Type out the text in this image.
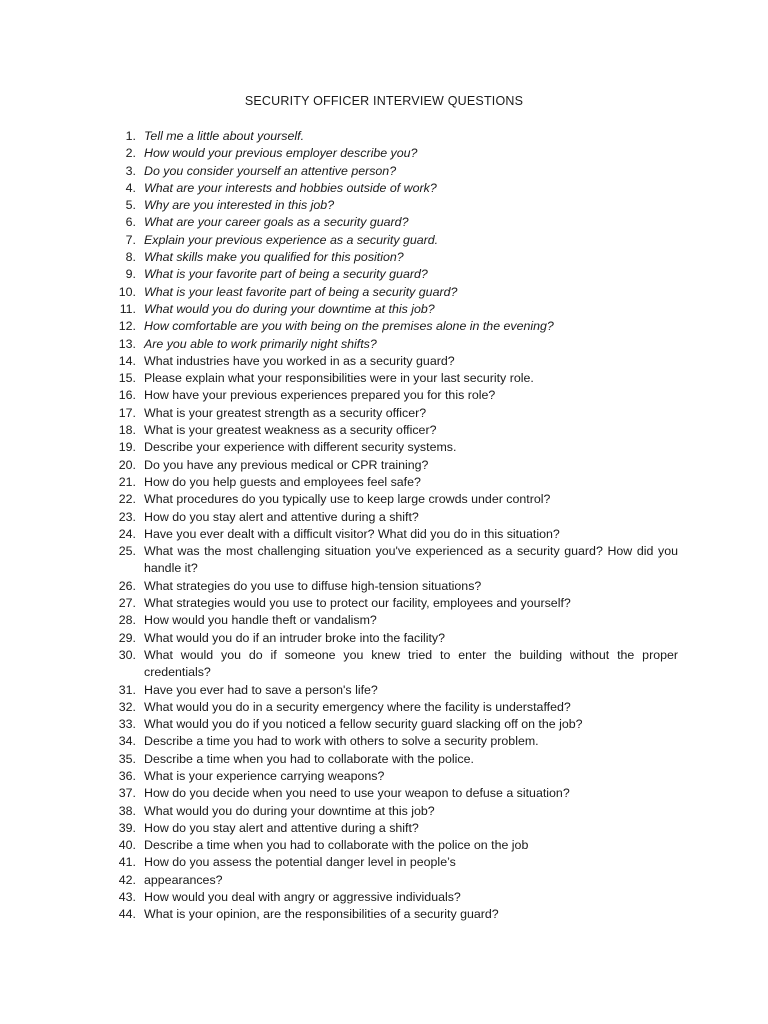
SECURITY OFFICER INTERVIEW QUESTIONS
1. Tell me a little about yourself.
2. How would your previous employer describe you?
3. Do you consider yourself an attentive person?
4. What are your interests and hobbies outside of work?
5. Why are you interested in this job?
6. What are your career goals as a security guard?
7. Explain your previous experience as a security guard.
8. What skills make you qualified for this position?
9. What is your favorite part of being a security guard?
10. What is your least favorite part of being a security guard?
11. What would you do during your downtime at this job?
12. How comfortable are you with being on the premises alone in the evening?
13. Are you able to work primarily night shifts?
14. What industries have you worked in as a security guard?
15. Please explain what your responsibilities were in your last security role.
16. How have your previous experiences prepared you for this role?
17. What is your greatest strength as a security officer?
18. What is your greatest weakness as a security officer?
19. Describe your experience with different security systems.
20. Do you have any previous medical or CPR training?
21. How do you help guests and employees feel safe?
22. What procedures do you typically use to keep large crowds under control?
23. How do you stay alert and attentive during a shift?
24. Have you ever dealt with a difficult visitor? What did you do in this situation?
25. What was the most challenging situation you've experienced as a security guard? How did you handle it?
26. What strategies do you use to diffuse high-tension situations?
27. What strategies would you use to protect our facility, employees and yourself?
28. How would you handle theft or vandalism?
29. What would you do if an intruder broke into the facility?
30. What would you do if someone you knew tried to enter the building without the proper credentials?
31. Have you ever had to save a person's life?
32. What would you do in a security emergency where the facility is understaffed?
33. What would you do if you noticed a fellow security guard slacking off on the job?
34. Describe a time you had to work with others to solve a security problem.
35. Describe a time when you had to collaborate with the police.
36. What is your experience carrying weapons?
37. How do you decide when you need to use your weapon to defuse a situation?
38. What would you do during your downtime at this job?
39. How do you stay alert and attentive during a shift?
40. Describe a time when you had to collaborate with the police on the job
41. How do you assess the potential danger level in people’s
42. appearances?
43. How would you deal with angry or aggressive individuals?
44. What is your opinion, are the responsibilities of a security guard?
